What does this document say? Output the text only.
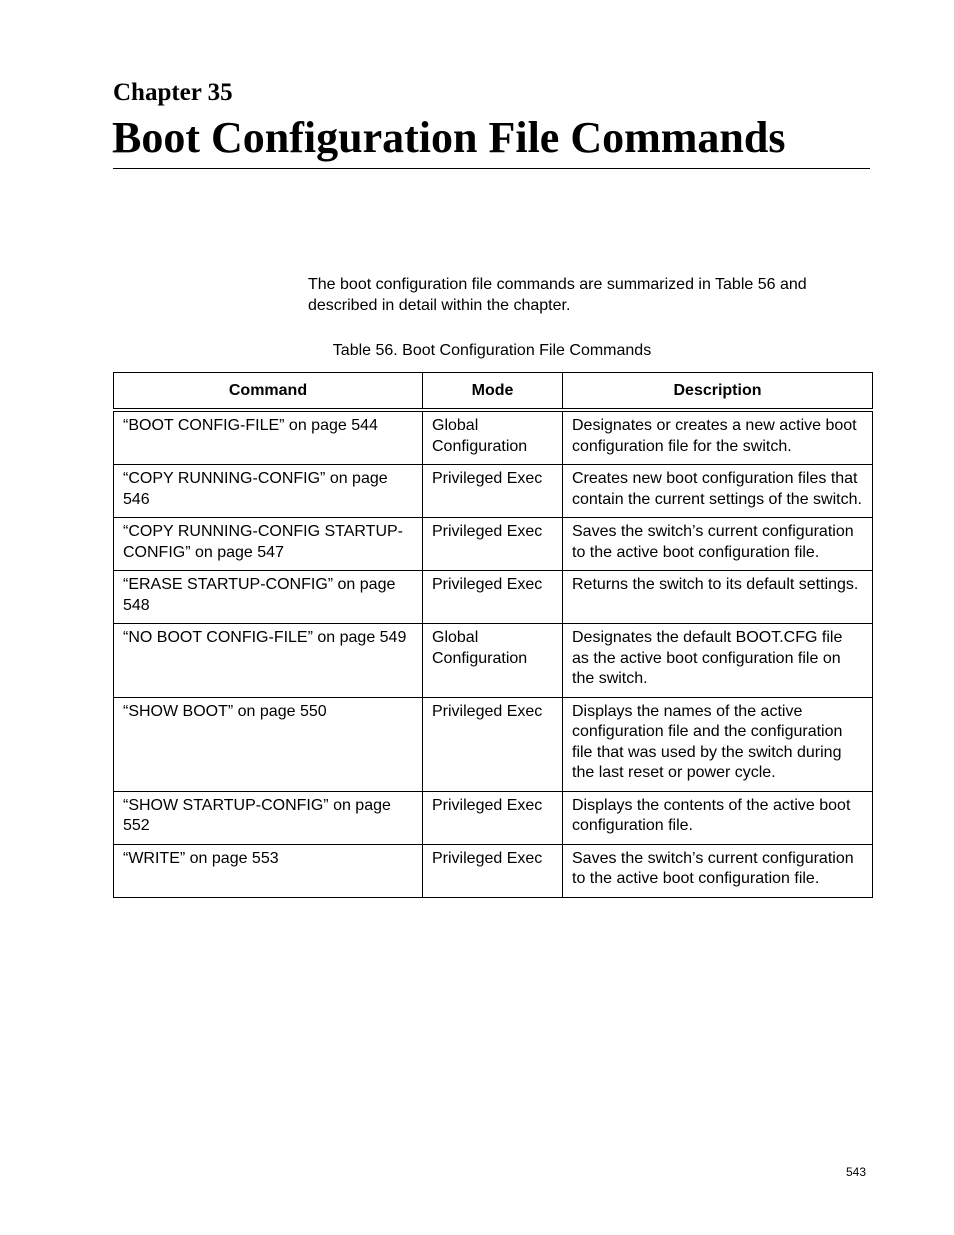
Chapter 35
Boot Configuration File Commands

The boot configuration file commands are summarized in Table 56 and described in detail within the chapter.

Table 56. Boot Configuration File Commands
Command	Mode	Description
“BOOT CONFIG-FILE” on page 544	Global Configuration	Designates or creates a new active boot configuration file for the switch.
“COPY RUNNING-CONFIG” on page 546	Privileged Exec	Creates new boot configuration files that contain the current settings of the switch.
“COPY RUNNING-CONFIG STARTUP-CONFIG” on page 547	Privileged Exec	Saves the switch’s current configuration to the active boot configuration file.
“ERASE STARTUP-CONFIG” on page 548	Privileged Exec	Returns the switch to its default settings.
“NO BOOT CONFIG-FILE” on page 549	Global Configuration	Designates the default BOOT.CFG file as the active boot configuration file on the switch.
“SHOW BOOT” on page 550	Privileged Exec	Displays the names of the active configuration file and the configuration file that was used by the switch during the last reset or power cycle.
“SHOW STARTUP-CONFIG” on page 552	Privileged Exec	Displays the contents of the active boot configuration file.
“WRITE” on page 553	Privileged Exec	Saves the switch’s current configuration to the active boot configuration file.
543
